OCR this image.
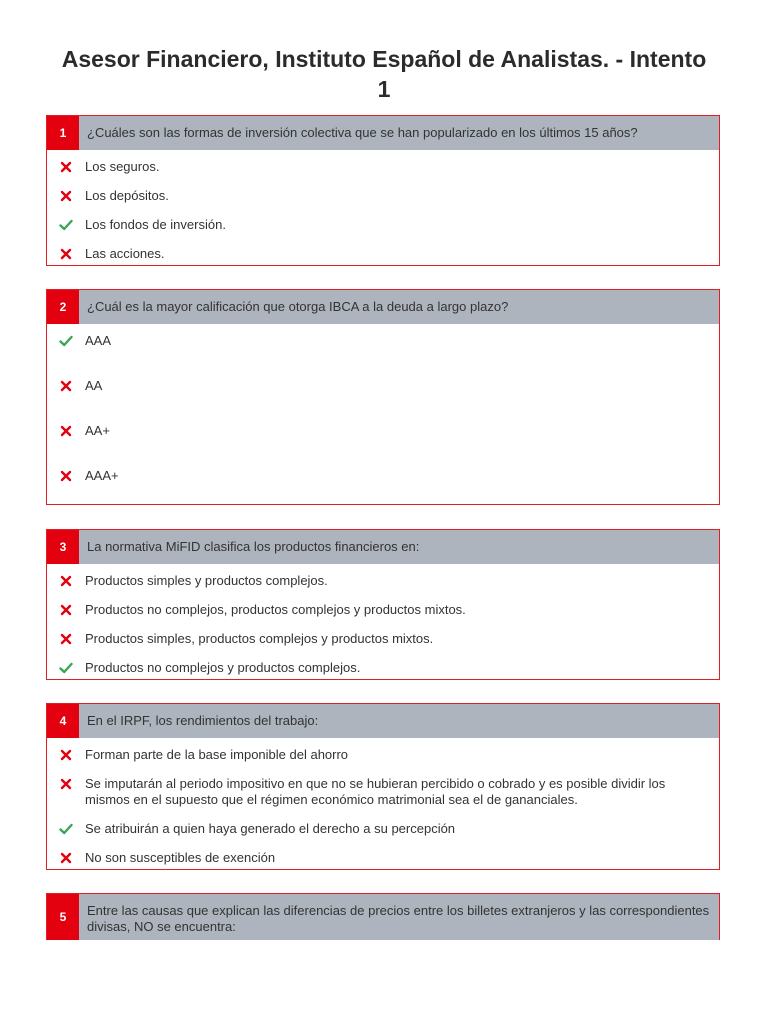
Asesor Financiero, Instituto Español de Analistas. - Intento 1
1	¿Cuáles son las formas de inversión colectiva que se han popularizado en los últimos 15 años?
Los seguros.
Los depósitos.
Los fondos de inversión.
Las acciones.
2	¿Cuál es la mayor calificación que otorga IBCA a la deuda a largo plazo?
AAA
AA
AA+
AAA+
3	La normativa MiFID clasifica los productos financieros en:
Productos simples y productos complejos.
Productos no complejos, productos complejos y productos mixtos.
Productos simples, productos complejos y productos mixtos.
Productos no complejos y productos complejos.
4	En el IRPF, los rendimientos del trabajo:
Forman parte de la base imponible del ahorro
Se imputarán al periodo impositivo en que no se hubieran percibido o cobrado y es posible dividir los mismos en el supuesto que el régimen económico matrimonial sea el de gananciales.
Se atribuirán a quien haya generado el derecho a su percepción
No son susceptibles de exención
5	Entre las causas que explican las diferencias de precios entre los billetes extranjeros y las correspondientes divisas, NO se encuentra:
